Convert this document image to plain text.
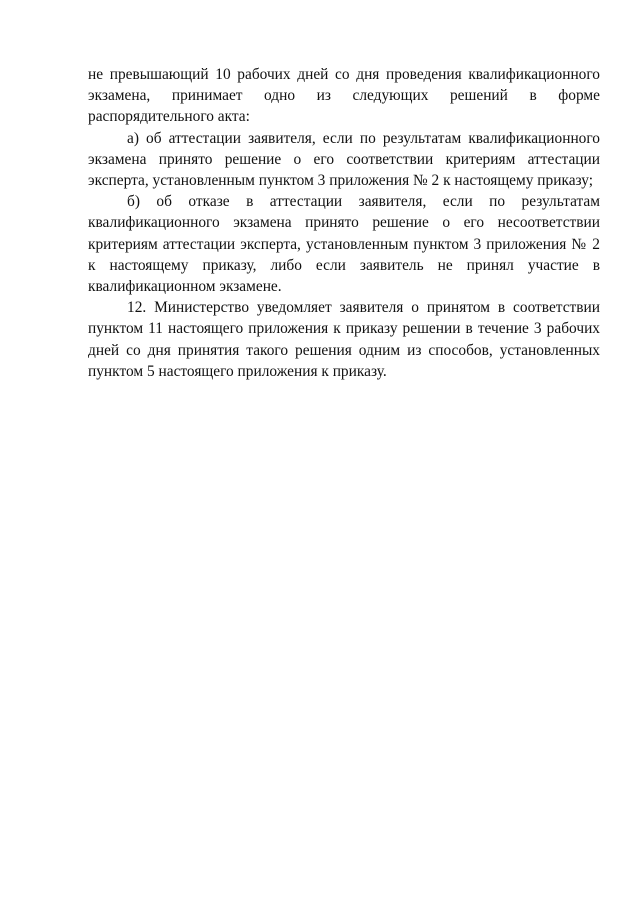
не превышающий 10 рабочих дней со дня проведения квалификационного экзамена, принимает одно из следующих решений в форме распорядительного акта:

а) об аттестации заявителя, если по результатам квалификационного экзамена принято решение о его соответствии критериям аттестации эксперта, установленным пунктом 3 приложения № 2 к настоящему приказу;

б) об отказе в аттестации заявителя, если по результатам квалификационного экзамена принято решение о его несоответствии критериям аттестации эксперта, установленным пунктом 3 приложения № 2 к настоящему приказу, либо если заявитель не принял участие в квалификационном экзамене.

12. Министерство уведомляет заявителя о принятом в соответствии пунктом 11 настоящего приложения к приказу решении в течение 3 рабочих дней со дня принятия такого решения одним из способов, установленных пунктом 5 настоящего приложения к приказу.
